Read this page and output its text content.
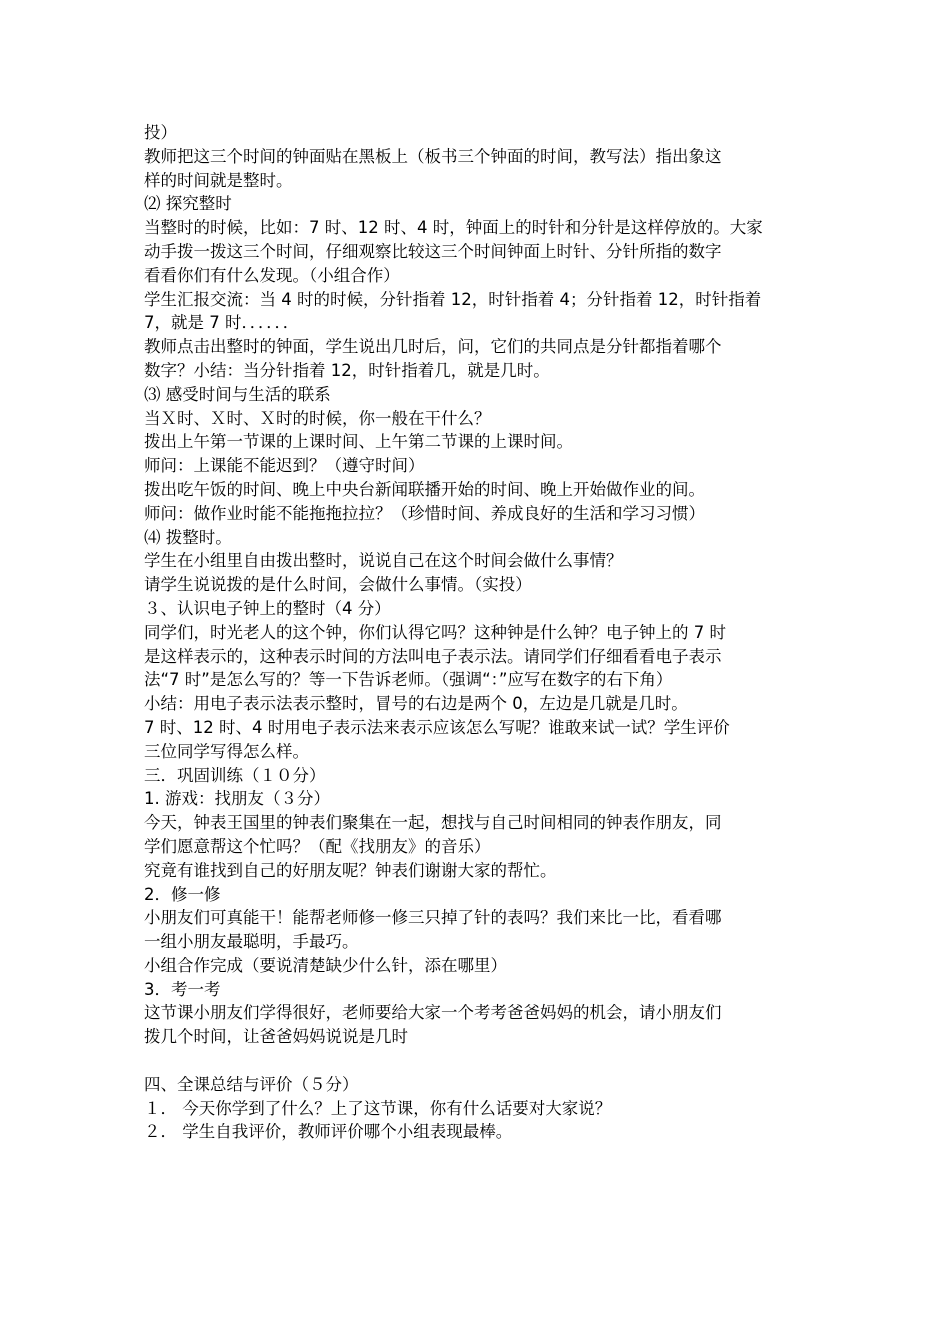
投）
教师把这三个时间的钟面贴在黑板上（板书三个钟面的时间，教写法）指出象这
样的时间就是整时。
⑵ 探究整时
当整时的时候，比如：7 时、12 时、4 时，钟面上的时针和分针是这样停放的。大家
动手拨一拨这三个时间，仔细观察比较这三个时间钟面上时针、分针所指的数字
看看你们有什么发现。（小组合作）
学生汇报交流：当 4 时的时候，分针指着 12，时针指着 4；分针指着 12，时针指着
7，就是 7 时．．．．．．
教师点击出整时的钟面，学生说出几时后，问，它们的共同点是分针都指着哪个
数字？小结：当分针指着 12，时针指着几，就是几时。
⑶ 感受时间与生活的联系
当Ｘ时、Ｘ时、Ｘ时的时候，你一般在干什么？
拨出上午第一节课的上课时间、上午第二节课的上课时间。
师问：上课能不能迟到？（遵守时间）
拨出吃午饭的时间、晚上中央台新闻联播开始的时间、晚上开始做作业的间。
师问：做作业时能不能拖拖拉拉？（珍惜时间、养成良好的生活和学习习惯）
⑷ 拨整时。
学生在小组里自由拨出整时，说说自己在这个时间会做什么事情？
请学生说说拨的是什么时间，会做什么事情。（实投）
３、认识电子钟上的整时（4 分）
同学们，时光老人的这个钟，你们认得它吗？这种钟是什么钟？电子钟上的 7 时
是这样表示的，这种表示时间的方法叫电子表示法。请同学们仔细看看电子表示
法“7 时”是怎么写的？等一下告诉老师。（强调“：”应写在数字的右下角）
小结：用电子表示法表示整时，冒号的右边是两个 0，左边是几就是几时。
7 时、12 时、4 时用电子表示法来表示应该怎么写呢？谁敢来试一试？学生评价
三位同学写得怎么样。
三．巩固训练（１０分）
1. 游戏：找朋友（３分）
今天，钟表王国里的钟表们聚集在一起，想找与自己时间相同的钟表作朋友，同
学们愿意帮这个忙吗？（配《找朋友》的音乐）
究竟有谁找到自己的好朋友呢？钟表们谢谢大家的帮忙。
2．修一修
小朋友们可真能干！能帮老师修一修三只掉了针的表吗？我们来比一比，看看哪
一组小朋友最聪明，手最巧。
小组合作完成（要说清楚缺少什么针，添在哪里）
3．考一考
这节课小朋友们学得很好，老师要给大家一个考考爸爸妈妈的机会，请小朋友们
拨几个时间，让爸爸妈妈说说是几时
四、全课总结与评价（５分）
１． 今天你学到了什么？上了这节课，你有什么话要对大家说？
２． 学生自我评价，教师评价哪个小组表现最棒。
